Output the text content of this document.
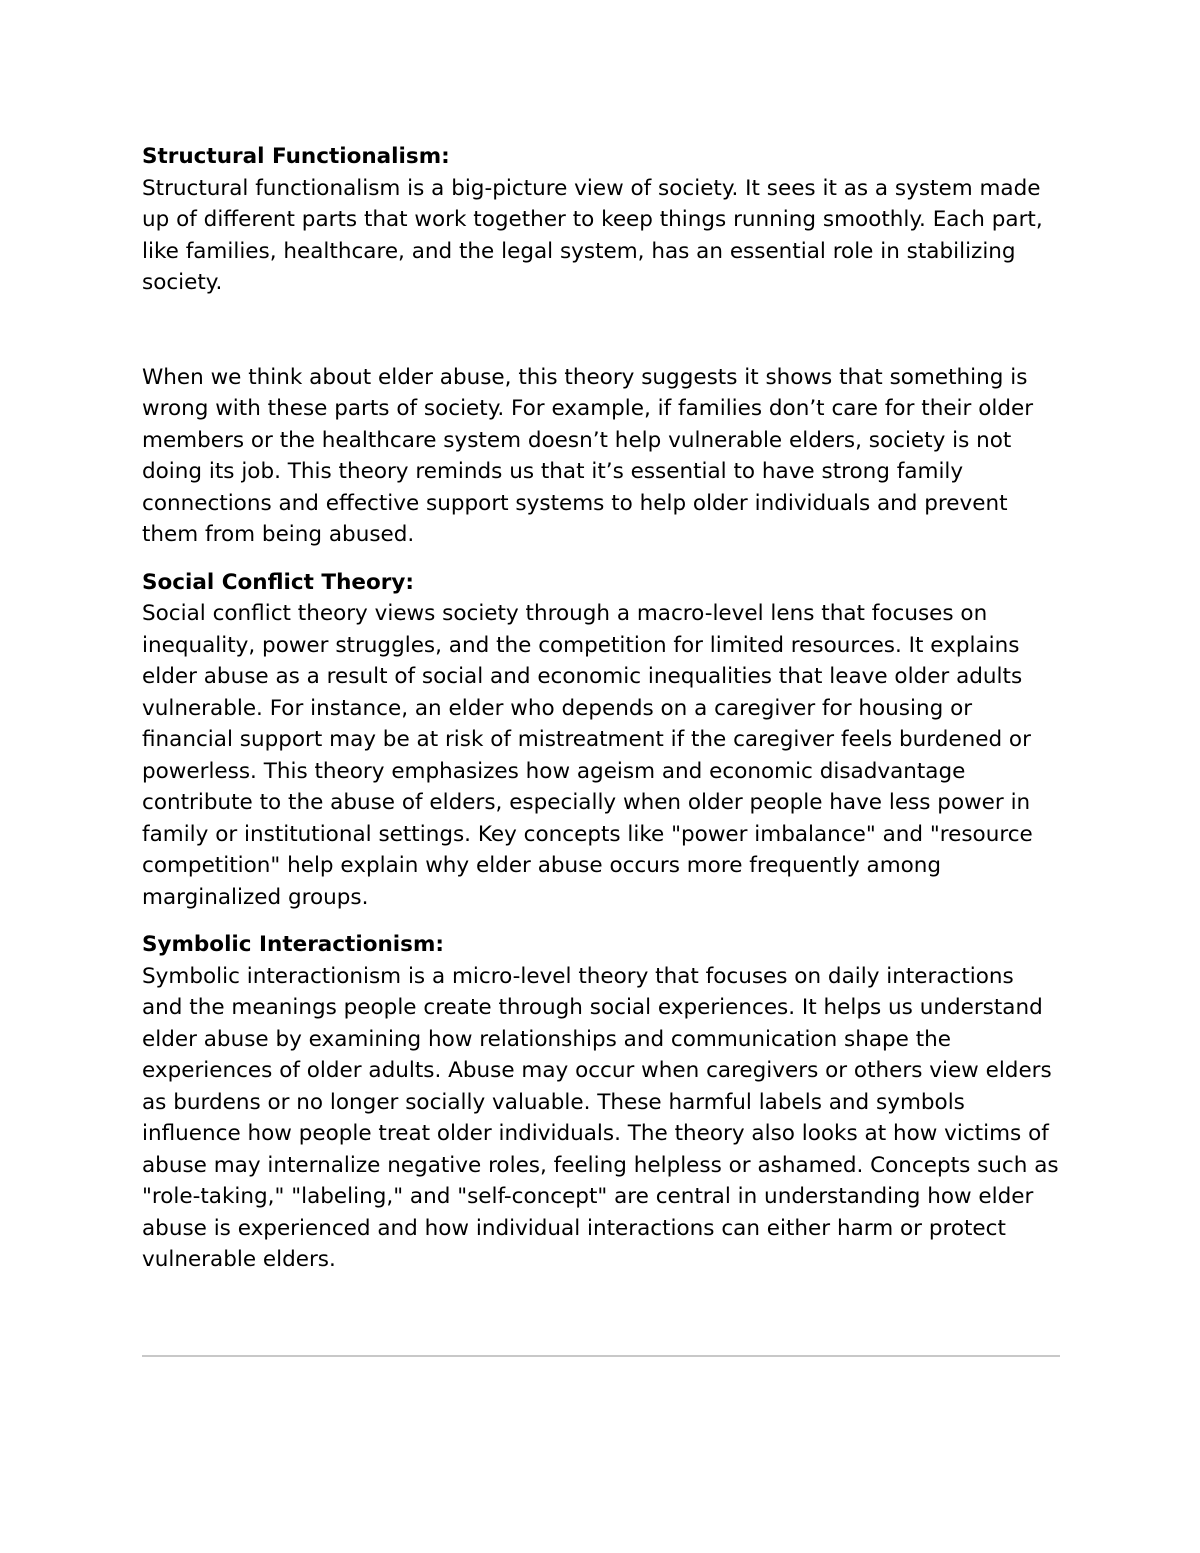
Structural Functionalism:

Structural functionalism is a big-picture view of society. It sees it as a system made up of different parts that work together to keep things running smoothly. Each part, like families, healthcare, and the legal system, has an essential role in stabilizing society.

When we think about elder abuse, this theory suggests it shows that something is wrong with these parts of society. For example, if families don’t care for their older members or the healthcare system doesn’t help vulnerable elders, society is not doing its job. This theory reminds us that it’s essential to have strong family connections and effective support systems to help older individuals and prevent them from being abused.

Social Conflict Theory:

Social conflict theory views society through a macro-level lens that focuses on inequality, power struggles, and the competition for limited resources. It explains elder abuse as a result of social and economic inequalities that leave older adults vulnerable. For instance, an elder who depends on a caregiver for housing or financial support may be at risk of mistreatment if the caregiver feels burdened or powerless. This theory emphasizes how ageism and economic disadvantage contribute to the abuse of elders, especially when older people have less power in family or institutional settings. Key concepts like "power imbalance" and "resource competition" help explain why elder abuse occurs more frequently among marginalized groups.

Symbolic Interactionism:

Symbolic interactionism is a micro-level theory that focuses on daily interactions and the meanings people create through social experiences. It helps us understand elder abuse by examining how relationships and communication shape the experiences of older adults. Abuse may occur when caregivers or others view elders as burdens or no longer socially valuable. These harmful labels and symbols influence how people treat older individuals. The theory also looks at how victims of abuse may internalize negative roles, feeling helpless or ashamed. Concepts such as "role-taking," "labeling," and "self-concept" are central in understanding how elder abuse is experienced and how individual interactions can either harm or protect vulnerable elders.
